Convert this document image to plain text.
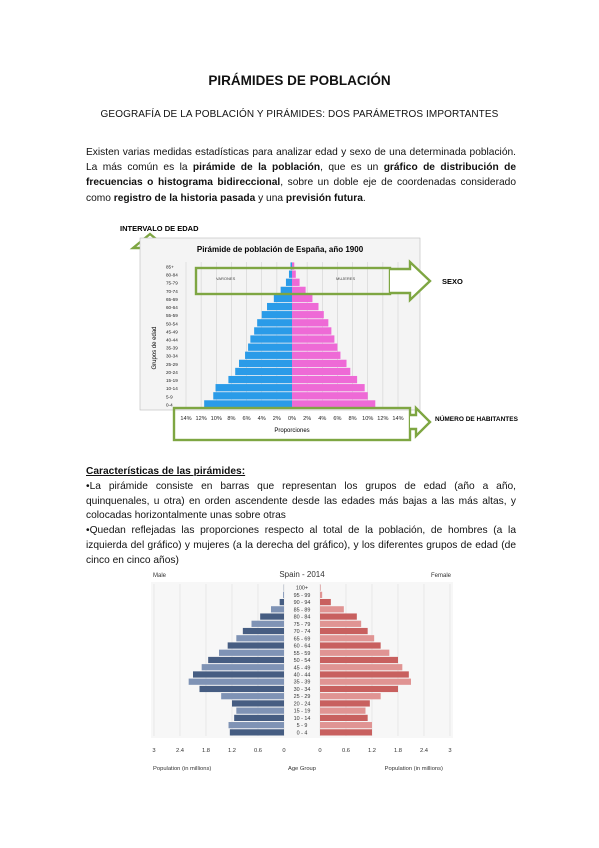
PIRÁMIDES DE POBLACIÓN
GEOGRAFÍA DE LA POBLACIÓN Y PIRÁMIDES: DOS PARÁMETROS IMPORTANTES
Existen varias medidas estadísticas para analizar edad y sexo de una determinada población. La más común es la pirámide de la población, que es un gráfico de distribución de frecuencias o histograma bidireccional, sobre un doble eje de coordenadas considerado como registro de la historia pasada y una previsión futura.
INTERVALO DE EDAD
Pirámide de población de España, año 1900
0-4
5-9
10-14
15-19
20-24
25-29
30-34
35-39
40-44
45-49
50-54
55-59
60-64
65-69
70-74
75-79
80-84
85+
Grupos de edad
VARONES	MUJERES	SEXO
14% 12% 10% 8% 6% 4% 2% 0% 2% 4% 6% 8% 10% 12% 14%
Proporciones
NÚMERO DE HABITANTES
Características de las pirámides:

•La pirámide consiste en barras que representan los grupos de edad (año a año, quinquenales, u otra) en orden ascendente desde las edades más bajas a las más altas, y colocadas horizontalmente unas sobre otras

•Quedan reflejadas las proporciones respecto al total de la población, de hombres (a la izquierda del gráfico) y mujeres (a la derecha del gráfico), y los diferentes grupos de edad (de cinco en cinco años)

Male	Female
Spain - 2014
0 - 4
5 - 9
10 - 14
15 - 19
20 - 24
25 - 29
30 - 34
35 - 39
40 - 44
45 - 49
50 - 54
55 - 59
60 - 64
65 - 69
70 - 74
75 - 79
80 - 84
85 - 89
90 - 94
95 - 99
100+
3	2.4	1.8	1.2	0.6	0	0	0.6	1.2	1.8	2.4	3
Population (in millions)	Age Group	Population (in millions)
